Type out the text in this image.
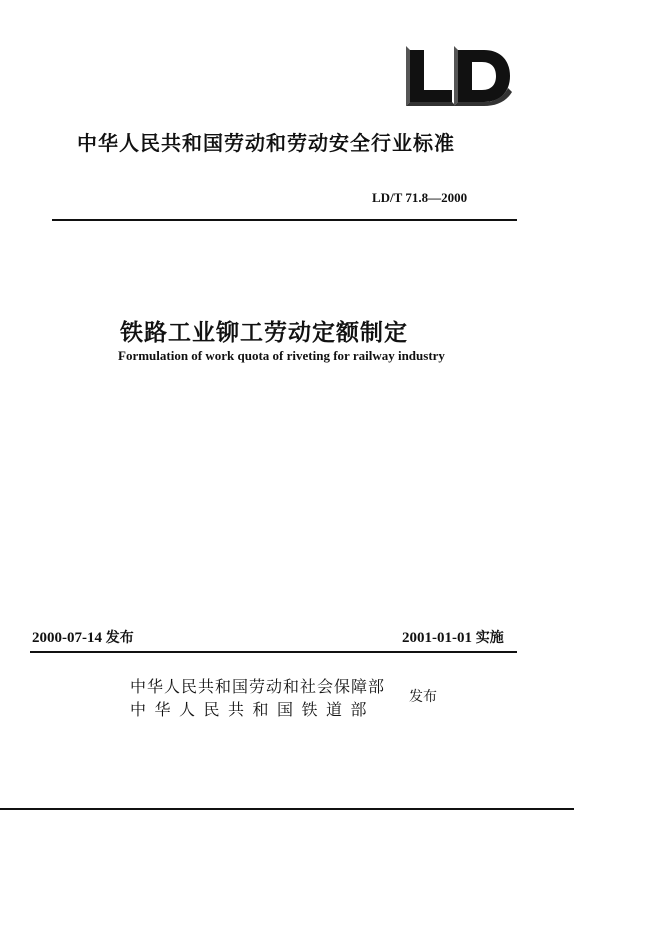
中华人民共和国劳动和劳动安全行业标准
LD/T 71.8—2000
铁路工业铆工劳动定额制定
Formulation of work quota of riveting for railway industry
2000-07-14 发布	2001-01-01 实施
中华人民共和国劳动和社会保障部
中华人民共和国铁道部
发布
